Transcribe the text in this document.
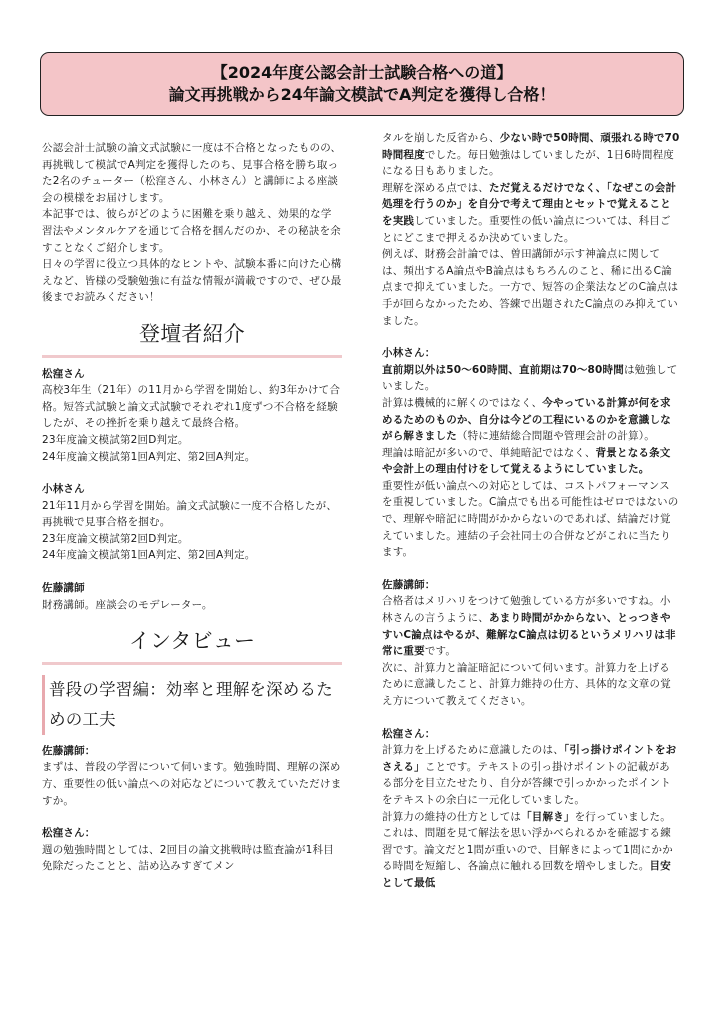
【2024年度公認会計士試験合格への道】
論文再挑戦から24年論文模試でA判定を獲得し合格！

公認会計士試験の論文式試験に一度は不合格となったものの、再挑戦して模試でA判定を獲得したのち、見事合格を勝ち取った2名のチューター（松窪さん、小林さん）と講師による座談会の模様をお届けします。

本記事では、彼らがどのように困難を乗り越え、効果的な学習法やメンタルケアを通じて合格を掴んだのか、その秘訣を余すことなくご紹介します。

日々の学習に役立つ具体的なヒントや、試験本番に向けた心構えなど、皆様の受験勉強に有益な情報が満載ですので、ぜひ最後までお読みください！

登壇者紹介

松窪さん

高校3年生（21年）の11月から学習を開始し、約3年かけて合格。短答式試験と論文式試験でそれぞれ1度ずつ不合格を経験したが、その挫折を乗り越えて最終合格。

23年度論文模試第2回D判定。

24年度論文模試第1回A判定、第2回A判定。

小林さん

21年11月から学習を開始。論文式試験に一度不合格したが、再挑戦で見事合格を掴む。

23年度論文模試第2回D判定。

24年度論文模試第1回A判定、第2回A判定。

佐藤講師

財務講師。座談会のモデレーター。

インタビュー
普段の学習編：効率と理解を深めるための工夫

佐藤講師：

まずは、普段の学習について伺います。勉強時間、理解の深め方、重要性の低い論点への対応などについて教えていただけますか。

松窪さん：

週の勉強時間としては、2回目の論文挑戦時は監査論が1科目免除だったことと、詰め込みすぎてメン

タルを崩した反省から、少ない時で50時間、頑張れる時で70時間程度でした。毎日勉強はしていましたが、1日6時間程度になる日もありました。

理解を深める点では、ただ覚えるだけでなく、「なぜこの会計処理を行うのか」を自分で考えて理由とセットで覚えることを実践していました。重要性の低い論点については、科目ごとにどこまで押えるか決めていました。

例えば、財務会計論では、曽田講師が示す神論点に関しては、頻出するA論点やB論点はもちろんのこと、稀に出るC論点まで抑えていました。一方で、短答の企業法などのC論点は手が回らなかったため、答練で出題されたC論点のみ抑えていました。

小林さん：

直前期以外は50～60時間、直前期は70～80時間は勉強していました。

計算は機械的に解くのではなく、今やっている計算が何を求めるためのものか、自分は今どの工程にいるのかを意識しながら解きました（特に連結総合問題や管理会計の計算）。

理論は暗記が多いので、単純暗記ではなく、背景となる条文や会計上の理由付けをして覚えるようにしていました。

重要性が低い論点への対応としては、コストパフォーマンスを重視していました。C論点でも出る可能性はゼロではないので、理解や暗記に時間がかからないのであれば、結論だけ覚えていました。連結の子会社同士の合併などがこれに当たります。

佐藤講師：

合格者はメリハリをつけて勉強している方が多いですね。小林さんの言うように、あまり時間がかからない、とっつきやすいC論点はやるが、難解なC論点は切るというメリハリは非常に重要です。

次に、計算力と論証暗記について伺います。計算力を上げるために意識したこと、計算力維持の仕方、具体的な文章の覚え方について教えてください。

松窪さん：

計算力を上げるために意識したのは、「引っ掛けポイントをおさえる」ことです。テキストの引っ掛けポイントの記載がある部分を目立たせたり、自分が答練で引っかかったポイントをテキストの余白に一元化していました。

計算力の維持の仕方としては「目解き」を行っていました。これは、問題を見て解法を思い浮かべられるかを確認する練習です。論文だと1問が重いので、目解きによって1問にかかる時間を短縮し、各論点に触れる回数を増やしました。目安として最低
